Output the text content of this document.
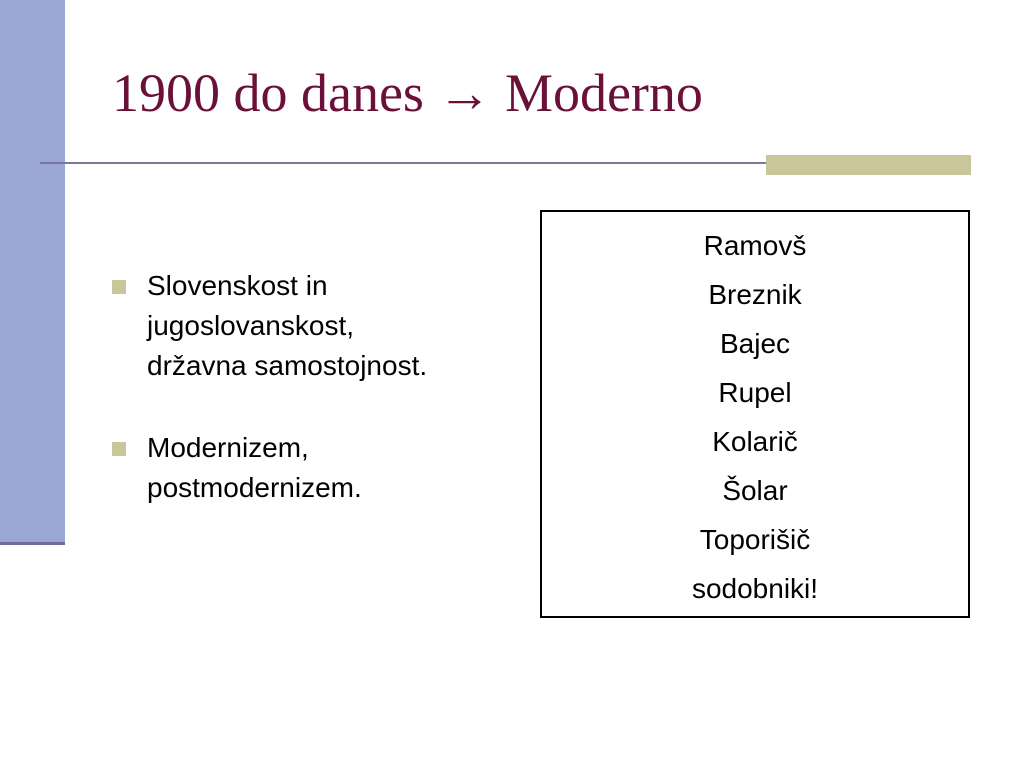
1900 do danes → Moderno
Slovenskost in
jugoslovanskost,
državna samostojnost.
Modernizem,
postmodernizem.
Ramovš
Breznik
Bajec
Rupel
Kolarič
Šolar
Toporišič
sodobniki!
